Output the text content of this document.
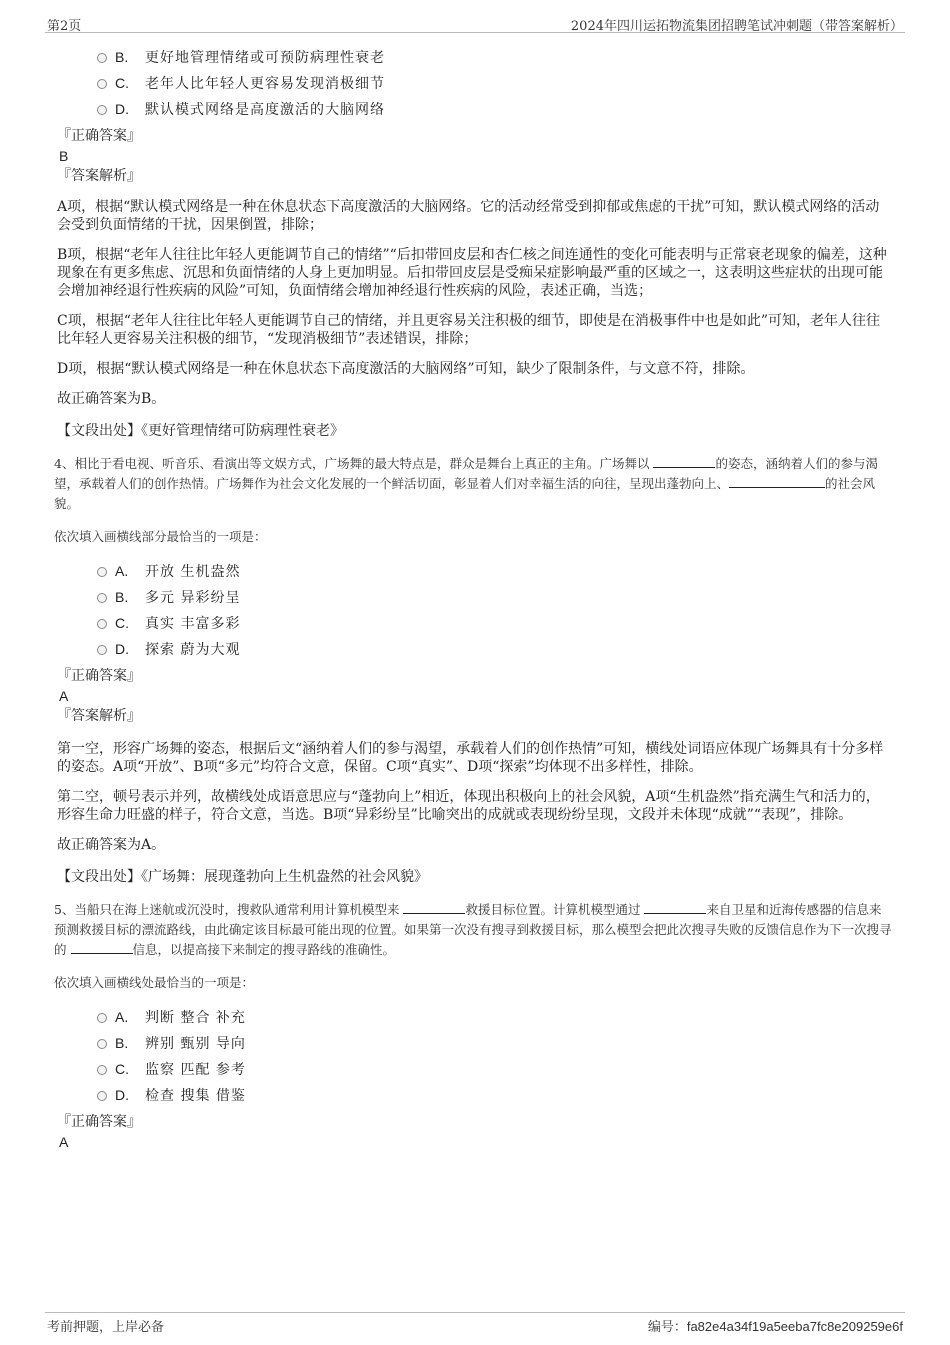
第2页	2024年四川运拓物流集团招聘笔试冲刺题（带答案解析）
B. 更好地管理情绪或可预防病理性衰老
C. 老年人比年轻人更容易发现消极细节
D. 默认模式网络是高度激活的大脑网络
『正确答案』
B
『答案解析』

A项，根据“默认模式网络是一种在休息状态下高度激活的大脑网络。它的活动经常受到抑郁或焦虑的干扰”可知，默认模式网络的活动会受到负面情绪的干扰，因果倒置，排除；

B项，根据“老年人往往比年轻人更能调节自己的情绪”“后扣带回皮层和杏仁核之间连通性的变化可能表明与正常衰老现象的偏差，这种现象在有更多焦虑、沉思和负面情绪的人身上更加明显。后扣带回皮层是受痴呆症影响最严重的区域之一，这表明这些症状的出现可能会增加神经退行性疾病的风险”可知，负面情绪会增加神经退行性疾病的风险，表述正确，当选；

C项，根据“老年人往往比年轻人更能调节自己的情绪，并且更容易关注积极的细节，即使是在消极事件中也是如此”可知，老年人往往比年轻人更容易关注积极的细节，“发现消极细节”表述错误，排除；

D项，根据“默认模式网络是一种在休息状态下高度激活的大脑网络”可知，缺少了限制条件，与文意不符，排除。

故正确答案为B。

【文段出处】《更好管理情绪可防病理性衰老》

4、相比于看电视、听音乐、看演出等文娱方式，广场舞的最大特点是，群众是舞台上真正的主角。广场舞以	的姿态，涵纳着人们的参与渴望，承载着人们的创作热情。广场舞作为社会文化发展的一个鲜活切面，彰显着人们对幸福生活的向往，呈现出蓬勃向上、	的社会风貌。
依次填入画横线部分最恰当的一项是：
A. 开放 生机盎然
B. 多元 异彩纷呈
C. 真实 丰富多彩
D. 探索 蔚为大观
『正确答案』
A
『答案解析』

第一空，形容广场舞的姿态，根据后文“涵纳着人们的参与渴望，承载着人们的创作热情”可知，横线处词语应体现广场舞具有十分多样的姿态。A项“开放”、B项“多元”均符合文意，保留。C项“真实”、D项“探索”均体现不出多样性，排除。

第二空，顿号表示并列，故横线处成语意思应与“蓬勃向上”相近，体现出积极向上的社会风貌，A项“生机盎然”指充满生气和活力的，形容生命力旺盛的样子，符合文意，当选。B项“异彩纷呈”比喻突出的成就或表现纷纷呈现，文段并未体现“成就”“表现”，排除。

故正确答案为A。

【文段出处】《广场舞：展现蓬勃向上生机盎然的社会风貌》

5、当船只在海上迷航或沉没时，搜救队通常利用计算机模型来	救援目标位置。计算机模型通过	来自卫星和近海传感器的信息来预测救援目标的漂流路线，由此确定该目标最可能出现的位置。如果第一次没有搜寻到救援目标，那么模型会把此次搜寻失败的反馈信息作为下一次搜寻的	信息，以提高接下来制定的搜寻路线的准确性。
依次填入画横线处最恰当的一项是：
A. 判断 整合 补充
B. 辨别 甄别 导向
C. 监察 匹配 参考
D. 检查 搜集 借鉴
『正确答案』
A
考前押题，上岸必备	编号：fa82e4a34f19a5eeba7fc8e209259e6f
